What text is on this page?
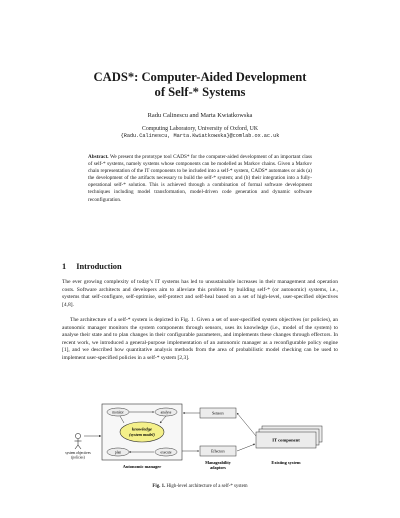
CADS*: Computer-Aided Development
of Self-* Systems
Radu Calinescu and Marta Kwiatkowska
Computing Laboratory, University of Oxford, UK
{Radu.Calinescu, Marta.Kwiatkowska}@comlab.ox.ac.uk
Abstract. We present the prototype tool CADS* for the computer-aided development of an important class of self-* systems, namely systems whose components can be modelled as Markov chains. Given a Markov chain representation of the IT components to be included into a self-* system, CADS* automates or aids (a) the development of the artifacts necessary to build the self-* system; and (b) their integration into a fully-operational self-* solution. This is achieved through a combination of formal software development techniques including model transformation, model-driven code generation and dynamic software reconfiguration.
1 Introduction
The ever growing complexity of today’s IT systems has led to unsustainable increases in their management and operation costs. Software architects and developers aim to alleviate this problem by building self-* (or autonomic) systems, i.e., systems that self-configure, self-optimise, self-protect and self-heal based on a set of high-level, user-specified objectives [4,8].
The architecture of a self-* system is depicted in Fig. 1. Given a set of user-specified system objectives (or policies), an autonomic manager monitors the system components through sensors, uses its knowledge (i.e., model of the system) to analyse their state and to plan changes in their configurable parameters, and implements these changes through effectors. In recent work, we introduced a general-purpose implementation of an autonomic manager as a reconfigurable policy engine [1], and we described how quantitative analysis methods from the area of probabilistic model checking can be used to implement user-specified policies in a self-* system [2,3].
system objectives
(policies)
monitor	analyse
plan	execute
knowledge
(system model)
Autonomic manager
Sensors
Effectors
Manageability
adaptors
IT component
Existing system
Fig. 1. High-level architecture of a self-* system
